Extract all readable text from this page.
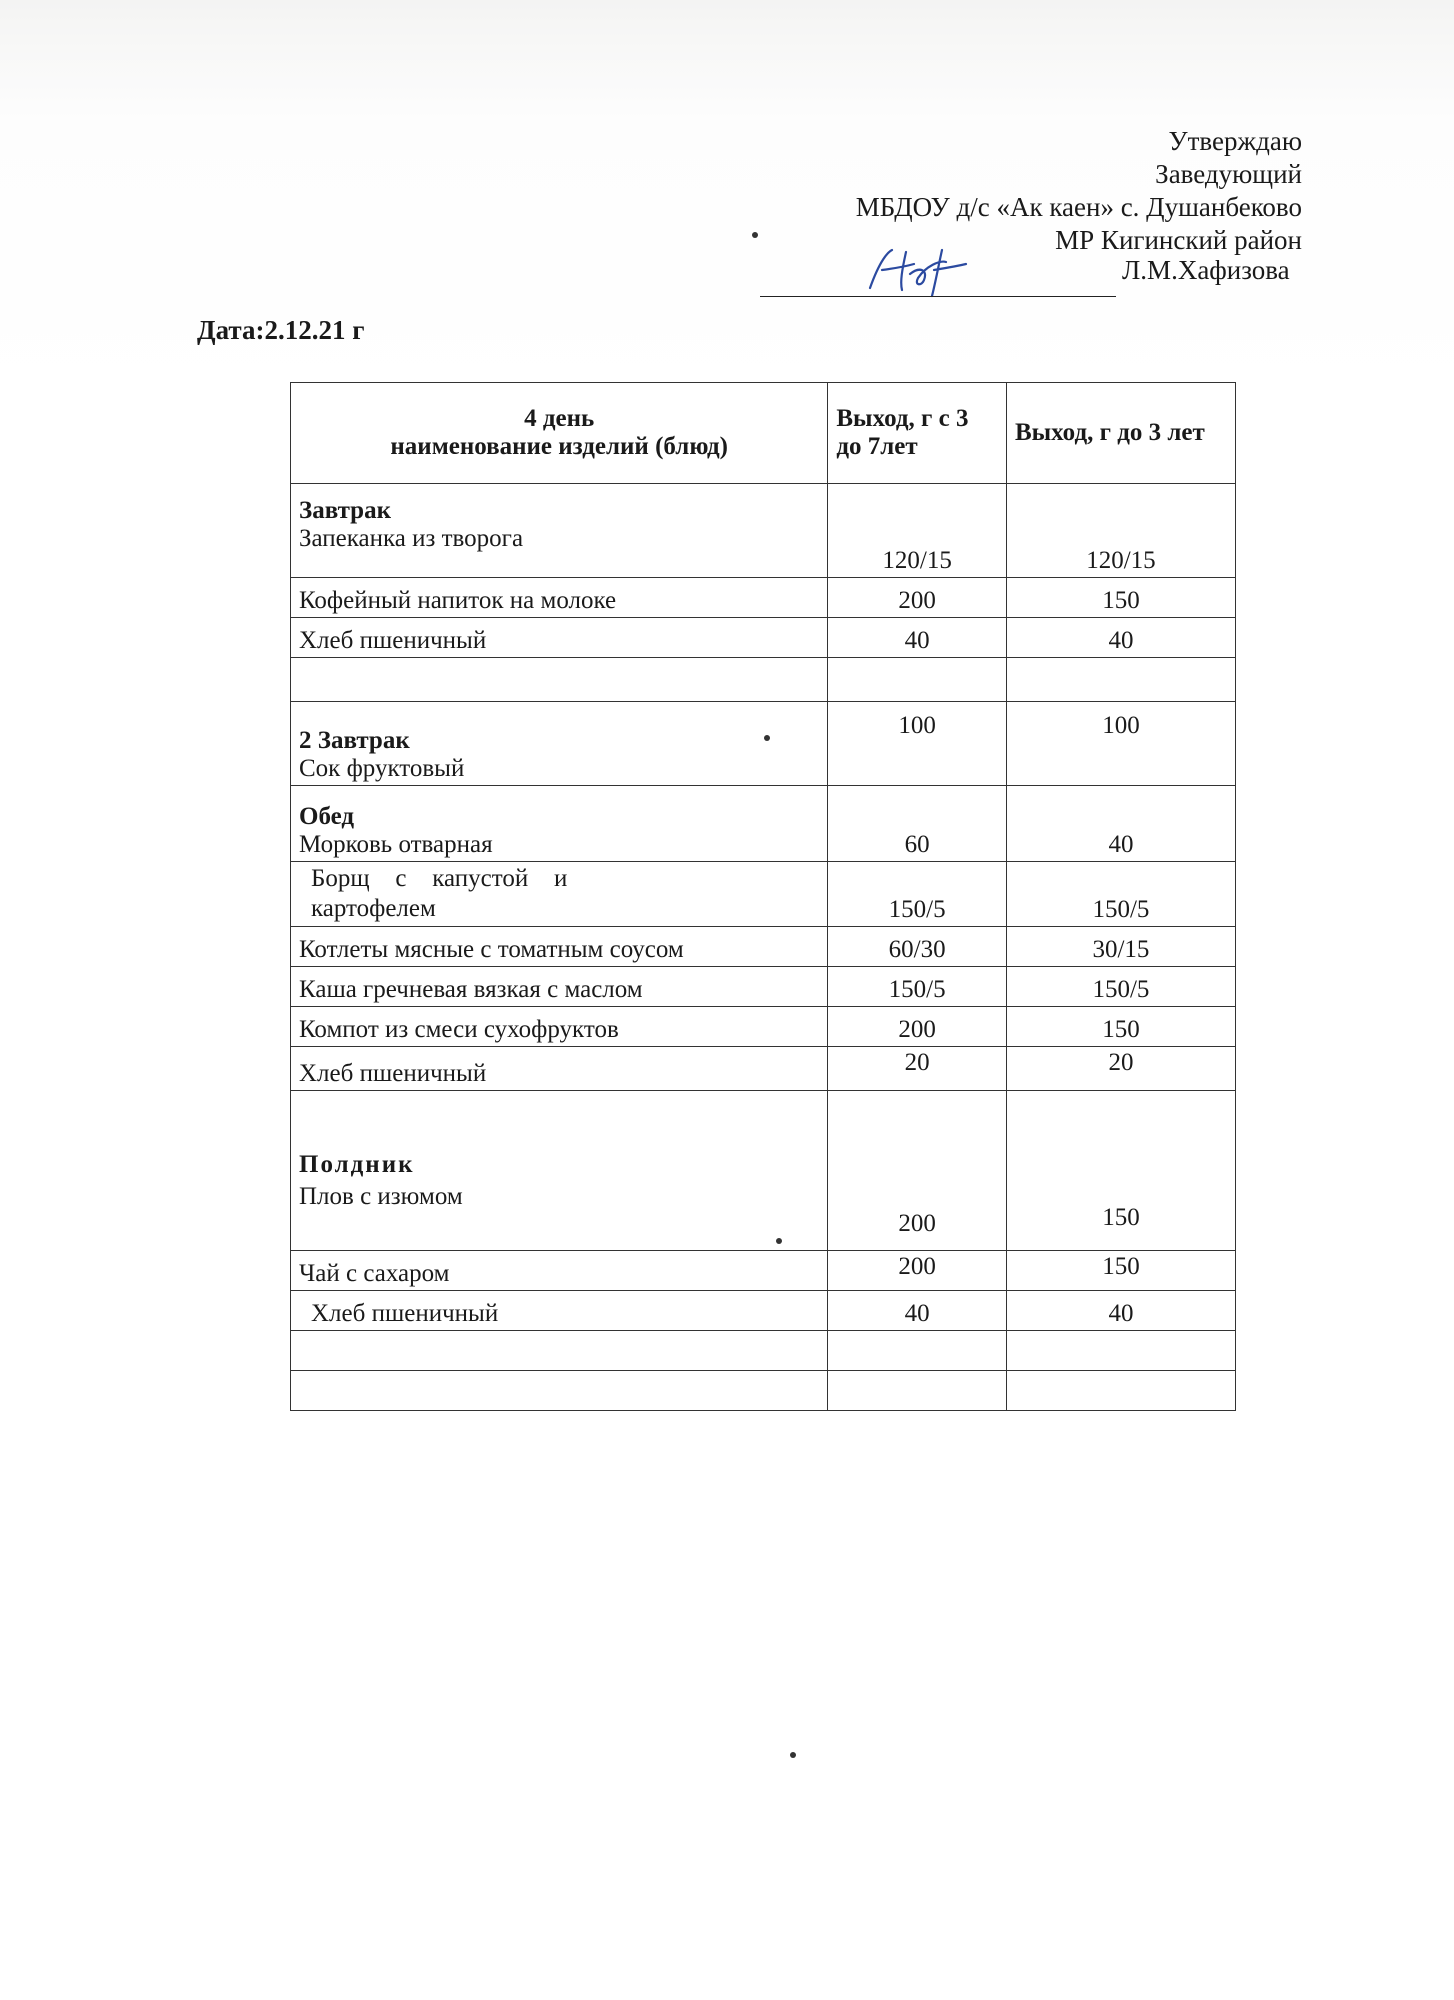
Утверждаю
Заведующий
МБДОУ д/с «Ак каен» с. Душанбеково
МР Кигинский район
Л.М.Хафизова
Дата:2.12.21 г
4 день
наименование изделий (блюд)	Выход, г с 3 до 7лет	Выход, г до 3 лет

Завтрак
Запеканка из творога	120/15	120/15
Кофейный напиток на молоке	200	150
Хлеб пшеничный	40	40

2 Завтрак
Сок фруктовый	100	100

Обед
Морковь отварная	60	40
Борщ с капустой и картофелем	150/5	150/5
Котлеты мясные с томатным соусом	60/30	30/15
Каша гречневая вязкая с маслом	150/5	150/5
Компот из смеси сухофруктов	200	150
Хлеб пшеничный	20	20

Полдник
Плов с изюмом	200	150
Чай с сахаром	200	150
Хлеб пшеничный	40	40
